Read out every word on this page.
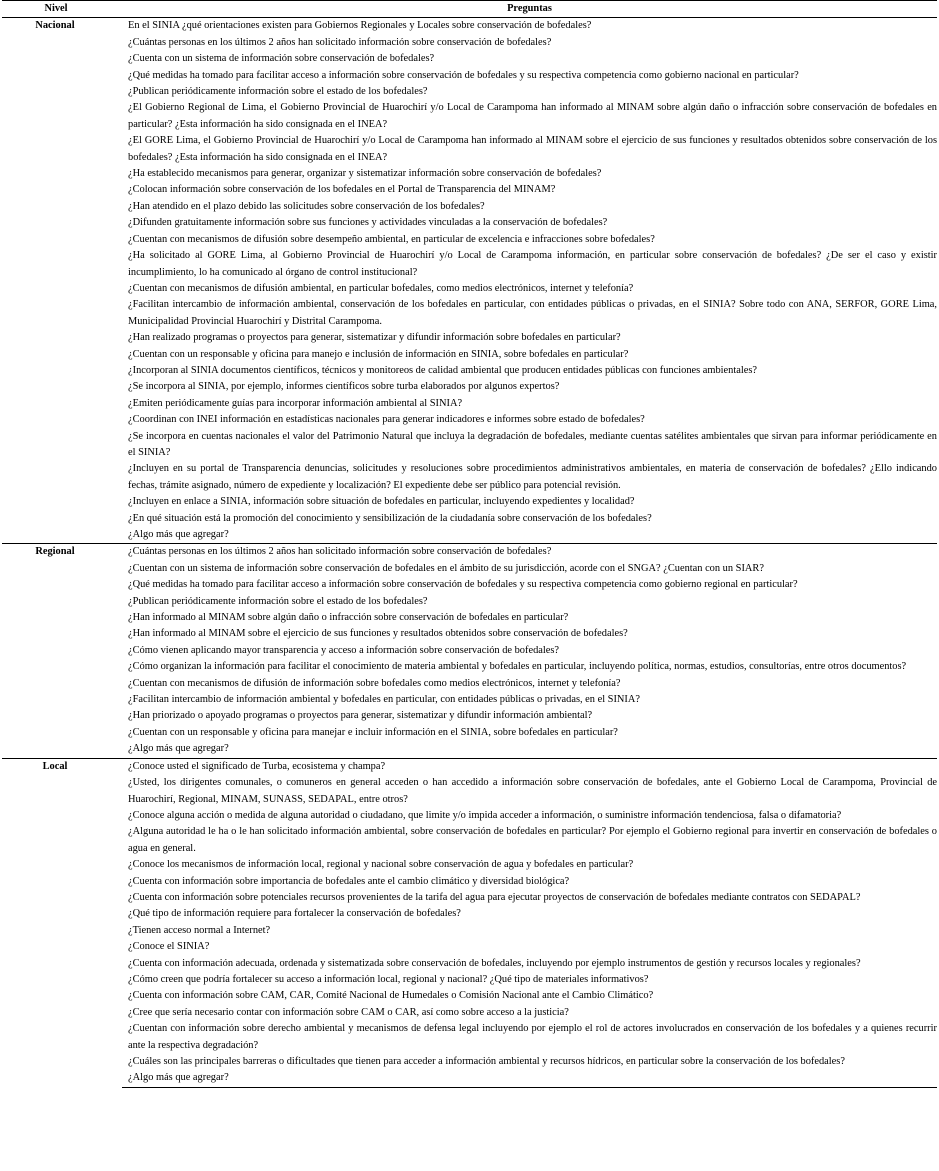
Nivel	Preguntas
Nacional	En el SINIA ¿qué orientaciones existen para Gobiernos Regionales y Locales sobre conservación de bofedales?
	¿Cuántas personas en los últimos 2 años han solicitado información sobre conservación de bofedales?
	¿Cuenta con un sistema de información sobre conservación de bofedales?
	¿Qué medidas ha tomado para facilitar acceso a información sobre conservación de bofedales y su respectiva competencia como gobierno nacional en particular?
	¿Publican periódicamente información sobre el estado de los bofedales?
	¿El Gobierno Regional de Lima, el Gobierno Provincial de Huarochirí y/o Local de Carampoma han informado al MINAM sobre algún daño o infracción sobre conservación de bofedales en particular? ¿Esta información ha sido consignada en el INEA?
	¿El GORE Lima, el Gobierno Provincial de Huarochirí y/o Local de Carampoma han informado al MINAM sobre el ejercicio de sus funciones y resultados obtenidos sobre conservación de los bofedales? ¿Esta información ha sido consignada en el INEA?
	¿Ha establecido mecanismos para generar, organizar y sistematizar información sobre conservación de bofedales?
	¿Colocan información sobre conservación de los bofedales en el Portal de Transparencia del MINAM?
	¿Han atendido en el plazo debido las solicitudes sobre conservación de los bofedales?
	¿Difunden gratuitamente información sobre sus funciones y actividades vinculadas a la conservación de bofedales?
	¿Cuentan con mecanismos de difusión sobre desempeño ambiental, en particular de excelencia e infracciones sobre bofedales?
	¿Ha solicitado al GORE Lima, al Gobierno Provincial de Huarochirí y/o Local de Carampoma información, en particular sobre conservación de bofedales? ¿De ser el caso y existir incumplimiento, lo ha comunicado al órgano de control institucional?
	¿Cuentan con mecanismos de difusión ambiental, en particular bofedales, como medios electrónicos, internet y telefonía?
	¿Facilitan intercambio de información ambiental, conservación de los bofedales en particular, con entidades públicas o privadas, en el SINIA? Sobre todo con ANA, SERFOR, GORE Lima, Municipalidad Provincial Huarochirí y Distrital Carampoma.
	¿Han realizado programas o proyectos para generar, sistematizar y difundir información sobre bofedales en particular?
	¿Cuentan con un responsable y oficina para manejo e inclusión de información en SINIA, sobre bofedales en particular?
	¿Incorporan al SINIA documentos científicos, técnicos y monitoreos de calidad ambiental que producen entidades públicas con funciones ambientales?
	¿Se incorpora al SINIA, por ejemplo, informes científicos sobre turba elaborados por algunos expertos?
	¿Emiten periódicamente guías para incorporar información ambiental al SINIA?
	¿Coordinan con INEI información en estadísticas nacionales para generar indicadores e informes sobre estado de bofedales?
	¿Se incorpora en cuentas nacionales el valor del Patrimonio Natural que incluya la degradación de bofedales, mediante cuentas satélites ambientales que sirvan para informar periódicamente en el SINIA?
	¿Incluyen en su portal de Transparencia denuncias, solicitudes y resoluciones sobre procedimientos administrativos ambientales, en materia de conservación de bofedales? ¿Ello indicando fechas, trámite asignado, número de expediente y localización? El expediente debe ser público para potencial revisión.
	¿Incluyen en enlace a SINIA, información sobre situación de bofedales en particular, incluyendo expedientes y localidad?
	¿En qué situación está la promoción del conocimiento y sensibilización de la ciudadanía sobre conservación de los bofedales?
	¿Algo más que agregar?
Regional	¿Cuántas personas en los últimos 2 años han solicitado información sobre conservación de bofedales?
	¿Cuentan con un sistema de información sobre conservación de bofedales en el ámbito de su jurisdicción, acorde con el SNGA? ¿Cuentan con un SIAR?
	¿Qué medidas ha tomado para facilitar acceso a información sobre conservación de bofedales y su respectiva competencia como gobierno regional en particular?
	¿Publican periódicamente información sobre el estado de los bofedales?
	¿Han informado al MINAM sobre algún daño o infracción sobre conservación de bofedales en particular?
	¿Han informado al MINAM sobre el ejercicio de sus funciones y resultados obtenidos sobre conservación de bofedales?
	¿Cómo vienen aplicando mayor transparencia y acceso a información sobre conservación de bofedales?
	¿Cómo organizan la información para facilitar el conocimiento de materia ambiental y bofedales en particular, incluyendo política, normas, estudios, consultorías, entre otros documentos?
	¿Cuentan con mecanismos de difusión de información sobre bofedales como medios electrónicos, internet y telefonía?
	¿Facilitan intercambio de información ambiental y bofedales en particular, con entidades públicas o privadas, en el SINIA?
	¿Han priorizado o apoyado programas o proyectos para generar, sistematizar y difundir información ambiental?
	¿Cuentan con un responsable y oficina para manejar e incluir información en el SINIA, sobre bofedales en particular?
	¿Algo más que agregar?
Local	¿Conoce usted el significado de Turba, ecosistema y champa?
	¿Usted, los dirigentes comunales, o comuneros en general acceden o han accedido a información sobre conservación de bofedales, ante el Gobierno Local de Carampoma, Provincial de Huarochirí, Regional, MINAM, SUNASS, SEDAPAL, entre otros?
	¿Conoce alguna acción o medida de alguna autoridad o ciudadano, que limite y/o impida acceder a información, o suministre información tendenciosa, falsa o difamatoria?
	¿Alguna autoridad le ha o le han solicitado información ambiental, sobre conservación de bofedales en particular? Por ejemplo el Gobierno regional para invertir en conservación de bofedales o agua en general.
	¿Conoce los mecanismos de información local, regional y nacional sobre conservación de agua y bofedales en particular?
	¿Cuenta con información sobre importancia de bofedales ante el cambio climático y diversidad biológica?
	¿Cuenta con información sobre potenciales recursos provenientes de la tarifa del agua para ejecutar proyectos de conservación de bofedales mediante contratos con SEDAPAL?
	¿Qué tipo de información requiere para fortalecer la conservación de bofedales?
	¿Tienen acceso normal a Internet?
	¿Conoce el SINIA?
	¿Cuenta con información adecuada, ordenada y sistematizada sobre conservación de bofedales, incluyendo por ejemplo instrumentos de gestión y recursos locales y regionales?
	¿Cómo creen que podría fortalecer su acceso a información local, regional y nacional? ¿Qué tipo de materiales informativos?
	¿Cuenta con información sobre CAM, CAR, Comité Nacional de Humedales o Comisión Nacional ante el Cambio Climático?
	¿Cree que sería necesario contar con información sobre CAM o CAR, así como sobre acceso a la justicia?
	¿Cuentan con información sobre derecho ambiental y mecanismos de defensa legal incluyendo por ejemplo el rol de actores involucrados en conservación de los bofedales y a quienes recurrir ante la respectiva degradación?
	¿Cuáles son las principales barreras o dificultades que tienen para acceder a información ambiental y recursos hídricos, en particular sobre la conservación de los bofedales?
	¿Algo más que agregar?
